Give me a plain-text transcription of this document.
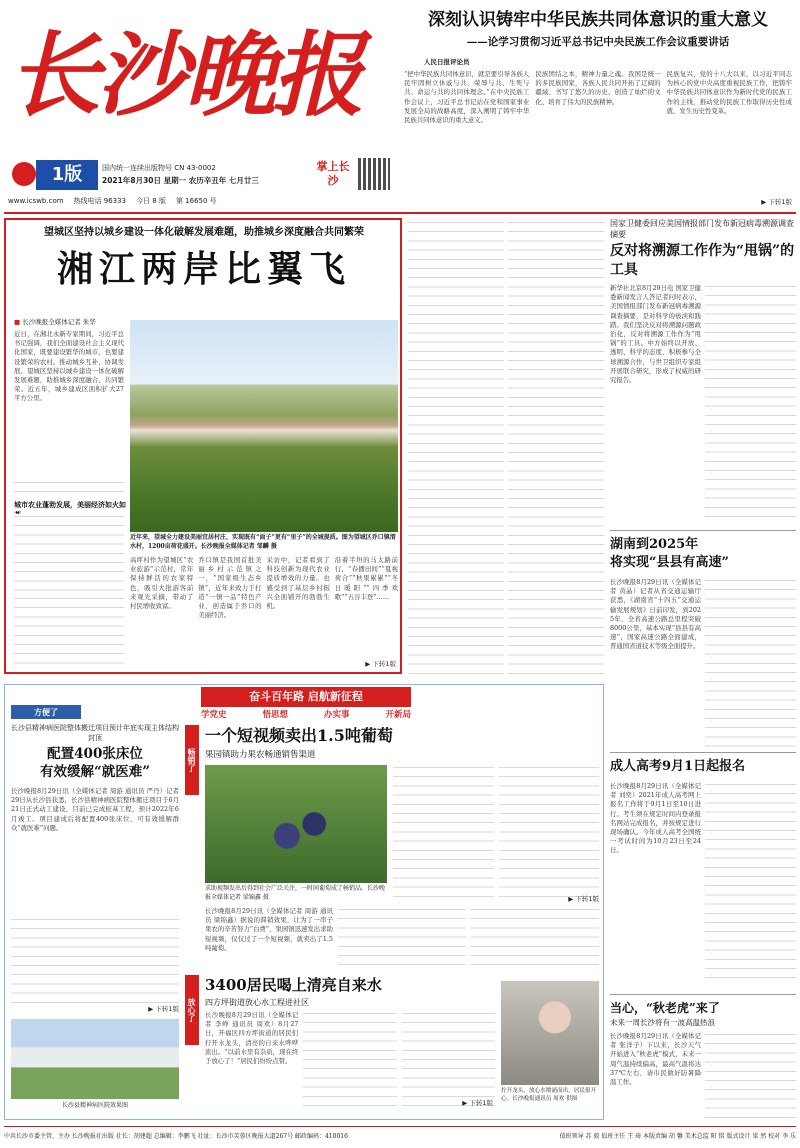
长沙晚报
1版	国内统一连续出版物号 CN 43-0002
2021年8月30日 星期一 农历辛丑年 七月廿三
掌上长沙
www.icswb.com 热线电话 96333 今日 8 版 第 16650 号
深刻认识铸牢中华民族共同体意识的重大意义
——论学习贯彻习近平总书记中央民族工作会议重要讲话
人民日报评论员
“把中华民族共同体意识，就是要引导各族人民牢固树立休戚与共、荣辱与共、生死与共、命运与共的共同体理念。”在中央民族工作会议上，习近平总书记站在党和国家事业发展全局的战略高度，深入阐明了铸牢中华民族共同体意识的重大意义。
民族团结之本，精神力量之魂。我国是统一的多民族国家，各族人民共同开拓了辽阔的疆域、书写了悠久的历史、创造了灿烂的文化、培育了伟大的民族精神。
民族复兴，党的十八大以来，以习近平同志为核心的党中央高度重视民族工作，把铸牢中华民族共同体意识作为新时代党的民族工作的主线，推动党的民族工作取得历史性成就、发生历史性变革。
▶ 下转1版
望城区坚持以城乡建设一体化破解发展难题，助推城乡深度融合共同繁荣
湘江两岸比翼飞
■ 长沙晚报全媒体记者 朱华
近日，在湘北永新专家期间，习近平总书记强调，我们全面建设社会主义现代化国家，既要建设繁华的城市，也要建设繁荣的农村。推动城乡互补、协调发展。望城区坚持以城乡建设一体化破解发展难题，助推城乡深度融合、共同繁荣。近五年，城乡建成区面积扩大27平方公里。
城市农业蓬勃发展，美丽经济如火如
近年来，望城全力建设美丽宜居村庄，实现既有“面子”更有“里子”的全城提质。图为望城区乔口镇渭水村，1200亩荷花盛开。长沙晚报全媒体记者 邹麟 摄
高坪村作为望城区“农业旅游”示范村，常年保持鲜活的农家特色，吸引大批游客前来观光采摘，带动了村民增收致富。
乔口镇是我国首批美丽乡村示范镇之一，“国家级生态乡镇”，近年来致力于打造“一镇一品”特色产业，创造属于乔口的美丽经济。
采访中，记者看到了科技创新为现代农业提质增效的力量。也感受到了基层乡村振兴全面铺开的勃勃生机。
沿着半坦的马太路前行，“春播田间”“夏视荷合”“秋果累累”“冬日暖阳”“四季欢歌”“五谷丰登”……
▶ 下转1版
国家卫健委回应美国情报部门发布新冠病毒溯源调查摘要
反对将溯源工作作为“甩锅”的工具
新华社北京8月29日电 国家卫健委新闻发言人答记者问时表示，美国情报部门发布新冠病毒溯源调查摘要，是对科学的亵渎和践踏。我们坚决反对将溯源问题政治化，反对将溯源工作作为“甩锅”的工具。中方始终以开放、透明、科学的态度，积极参与全球溯源合作，与世卫组织专家组开展联合研究，形成了权威的研究报告。
湖南到2025年
将实现“县县有高速”
长沙晚报8月29日讯（全媒体记者 黄晶）记者从省交通运输厅获悉，《湖南省“十四五”交通运输发展规划》日前印发，到2025年，全省高速公路总里程突破8000公里，基本实现“县县有高速”，国家高速公路全面建成，普通国省道技术等级全面提升。
成人高考9月1日起报名
长沙晚报8月29日讯（全媒体记者 刘奕）2021年成人高考网上报名工作将于9月1日至10日进行。考生须在规定时间内登录报名网站完成报名，并按规定进行现场确认。今年成人高考全国统一考试时间为10月23日至24日。
当心，“秋老虎”来了
未来一周长沙将有一波高温热浪
长沙晚报8月29日讯（全媒体记者 张洋子）下以来，长沙天气开始进入“秋老虎”模式，未来一周气温持续偏高，最高气温将达37℃左右，请市民做好防暑降温工作。
奋斗百年路 启航新征程
学党史	悟思想	办实事	开新局
方便了
长沙县精神病医院整体搬迁项目预计年底实现主体结构封顶
配置400张床位
有效缓解“就医难”
长沙晚报8月29日讯（全媒体记者 周游 通讯员 严丹）记者29日从长沙县获悉，长沙县精神病医院整体搬迁项目于6月21日正式动工建设，目前已完成桩基工程，预计2022年6月竣工。项目建成后将配置400张床位，可有效缓解群众“就医难”问题。
▶ 下转1版
长沙县精神病医院效果图
畅销了
一个短视频卖出1.5吨葡萄
果园镇助力果农畅通销售渠道
求助视频发出后得到社会广泛关注，一时间葡萄成了畅销品。长沙晚报全媒体记者 梁锦鑫 摄
长沙晚报8月29日讯（全媒体记者 周游 通讯员 梁锦鑫）据说的滞销效果，让为了一串子果农的辛苦努力“白费”，果园镇迅速发出求助短视频，仅仅过了一个短视频，就卖出了1.5吨葡萄。
▶ 下转1版
放心了
3400居民喝上清亮自来水
四方坪街道放心水工程进社区
长沙晚报8月29日讯（全媒体记者 李峥 通讯员 周欢）8月27日，开福区四方坪街道的居民们拧开水龙头，清亮的自来水哗哗流出。“以前水里有杂质，现在终于放心了！”居民们纷纷点赞。
拧开龙头，放心水喷涌而出，居民很开心。长沙晚报通讯员 周欢 供图
▶ 下转1版
中共长沙市委主管、主办 长沙晚报社出版 社长：胡建超 总编辑：李鹏飞 社址：长沙市芙蓉区晚报大道267号 邮政编码：410016	值班领导 苏 毅 值班主任 王 琦 本版责编 胡 馨 美术总监 阳 铭 版式设计 梁 然 校对 李 乐
